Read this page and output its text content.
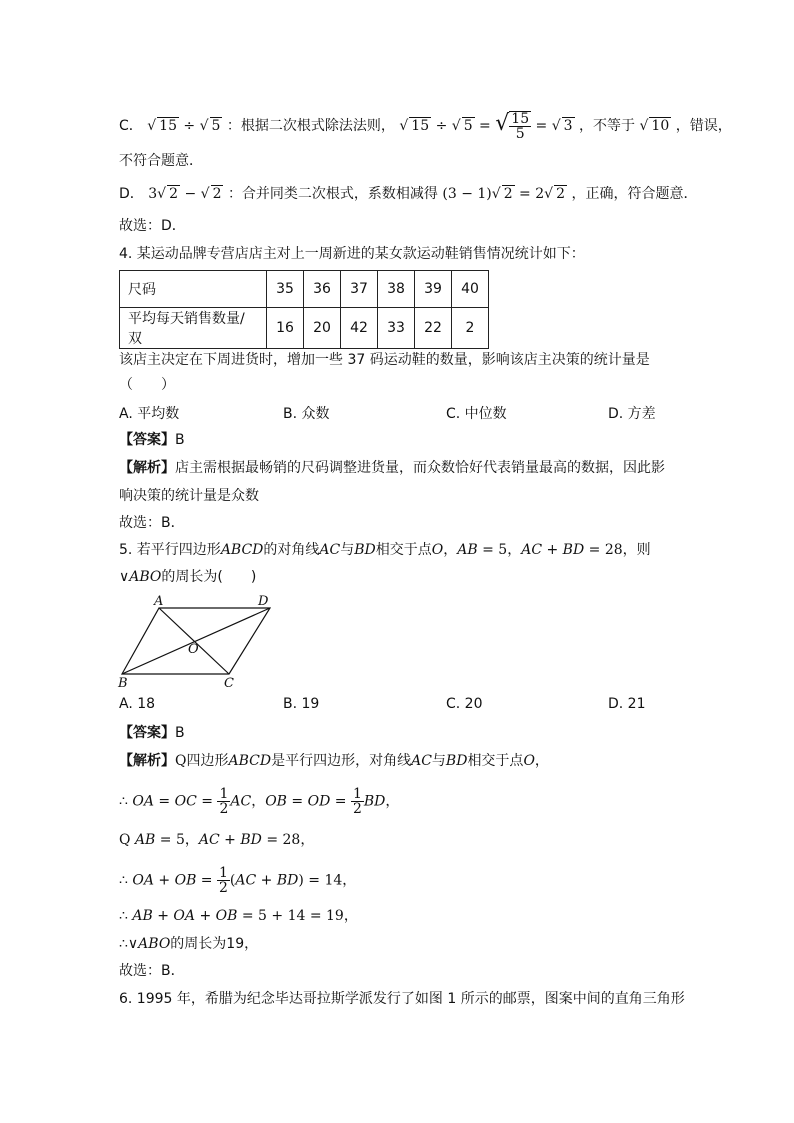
C． √ 15 ÷ √ 5 ：根据二次根式除法法则， √ 15 ÷ √ 5 = √ $\frac{15}{5}$ = √ 3 ，不等于 √ 10 ，错误，
不符合题意．
D． 3√ 2 − √ 2 ：合并同类二次根式，系数相减得 (3 − 1)√ 2 = 2√ 2 ，正确，符合题意．
故选：D．
4. 某运动品牌专营店店主对上一周新进的某女款运动鞋销售情况统计如下：
尺码	35	36	37	38	39	40
平均每天销售数量/双	16	20	42	33	22	2
该店主决定在下周进货时，增加一些 37 码运动鞋的数量，影响该店主决策的统计量是
（　　）
A. 平均数	B. 众数	C. 中位数	D. 方差
【答案】B
【解析】店主需根据最畅销的尺码调整进货量，而众数恰好代表销量最高的数据，因此影
响决策的统计量是众数
故选：B．
5. 若平行四边形ABCD的对角线AC与BD相交于点O，AB = 5，AC + BD = 28，则
∨ABO的周长为(　　)
A	D
O
B	C
A. 18	B. 19	C. 20	D. 21
【答案】B
【解析】Q四边形ABCD是平行四边形，对角线AC与BD相交于点O，
∴ OA = OC = $\frac{1}{2}$ AC，OB = OD = $\frac{1}{2}$ BD，
Q AB = 5，AC + BD = 28，
∴ OA + OB = $\frac{1}{2} (AC + BD) = 14$，
∴ AB + OA + OB = 5 + 14 = 19，
∴∨ABO的周长为19，
故选：B．
6. 1995 年，希腊为纪念毕达哥拉斯学派发行了如图 1 所示的邮票，图案中间的直角三角形
